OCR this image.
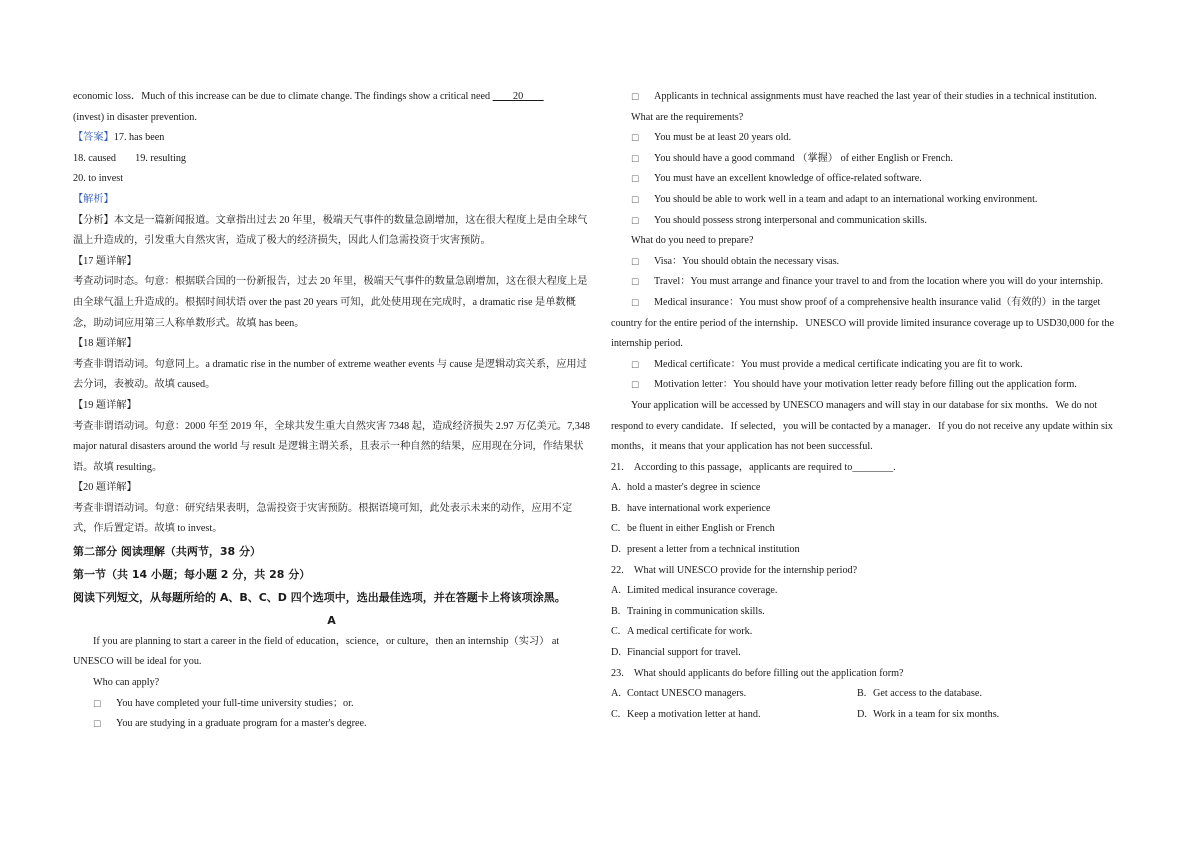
economic loss．Much of this increase can be due to climate change. The findings show a critical need ____20____
(invest) in disaster prevention.
【答案】17. has been
18. caused 19. resulting
20. to invest
【解析】
【分析】本文是一篇新闻报道。文章指出过去 20 年里，极端天气事件的数量急剧增加，这在很大程度上是由全球气温上升造成的，引发重大自然灾害，造成了极大的经济损失，因此人们急需投资于灾害预防。
【17 题详解】
考查动词时态。句意：根据联合国的一份新报告，过去 20 年里，极端天气事件的数量急剧增加，这在很大程度上是由全球气温上升造成的。根据时间状语 over the past 20 years 可知，此处使用现在完成时，a dramatic rise 是单数概念，助动词应用第三人称单数形式。故填 has been。
【18 题详解】
考查非谓语动词。句意同上。a dramatic rise in the number of extreme weather events 与 cause 是逻辑动宾关系，应用过去分词，表被动。故填 caused。
【19 题详解】
考查非谓语动词。句意：2000 年至 2019 年，全球共发生重大自然灾害 7348 起，造成经济损失 2.97 万亿美元。7,348 major natural disasters around the world 与 result 是逻辑主谓关系，且表示一种自然的结果，应用现在分词，作结果状语。故填 resulting。
【20 题详解】
考查非谓语动词。句意：研究结果表明，急需投资于灾害预防。根据语境可知，此处表示未来的动作，应用不定式，作后置定语。故填 to invest。
第二部分 阅读理解（共两节，38 分）
第一节（共 14 小题；每小题 2 分，共 28 分）
阅读下列短文，从每题所给的 A、B、C、D 四个选项中，选出最佳选项，并在答题卡上将该项涂黑。
A
If you are planning to start a career in the field of education，science，or culture，then an internship（实习） at UNESCO will be ideal for you.
Who can apply?
☐ You have completed your full-time university studies；or.
☐ You are studying in a graduate program for a master's degree.
☐ Applicants in technical assignments must have reached the last year of their studies in a technical institution.
What are the requirements?
☐ You must be at least 20 years old.
☐ You should have a good command （掌握） of either English or French.
☐ You must have an excellent knowledge of office-related software.
☐ You should be able to work well in a team and adapt to an international working environment.
☐ You should possess strong interpersonal and communication skills.
What do you need to prepare?
☐ Visa：You should obtain the necessary visas.
☐ Travel：You must arrange and finance your travel to and from the location where you will do your internship.
☐ Medical insurance：You must show proof of a comprehensive health insurance valid（有效的）in the target country for the entire period of the internship．UNESCO will provide limited insurance coverage up to USD30,000 for the internship period.
☐ Medical certificate：You must provide a medical certificate indicating you are fit to work.
☐ Motivation letter：You should have your motivation letter ready before filling out the application form.
Your application will be accessed by UNESCO managers and will stay in our database for six months．We do not respond to every candidate．If selected，you will be contacted by a manager．If you do not receive any update within six months，it means that your application has not been successful.
21.　According to this passage，applicants are required to________.
A. hold a master's degree in science
B. have international work experience
C. be fluent in either English or French
D. present a letter from a technical institution
22.　What will UNESCO provide for the internship period?
A. Limited medical insurance coverage.
B. Training in communication skills.
C. A medical certificate for work.
D. Financial support for travel.
23.　What should applicants do before filling out the application form?
A. Contact UNESCO managers.	B. Get access to the database.
C. Keep a motivation letter at hand.	D. Work in a team for six months.
